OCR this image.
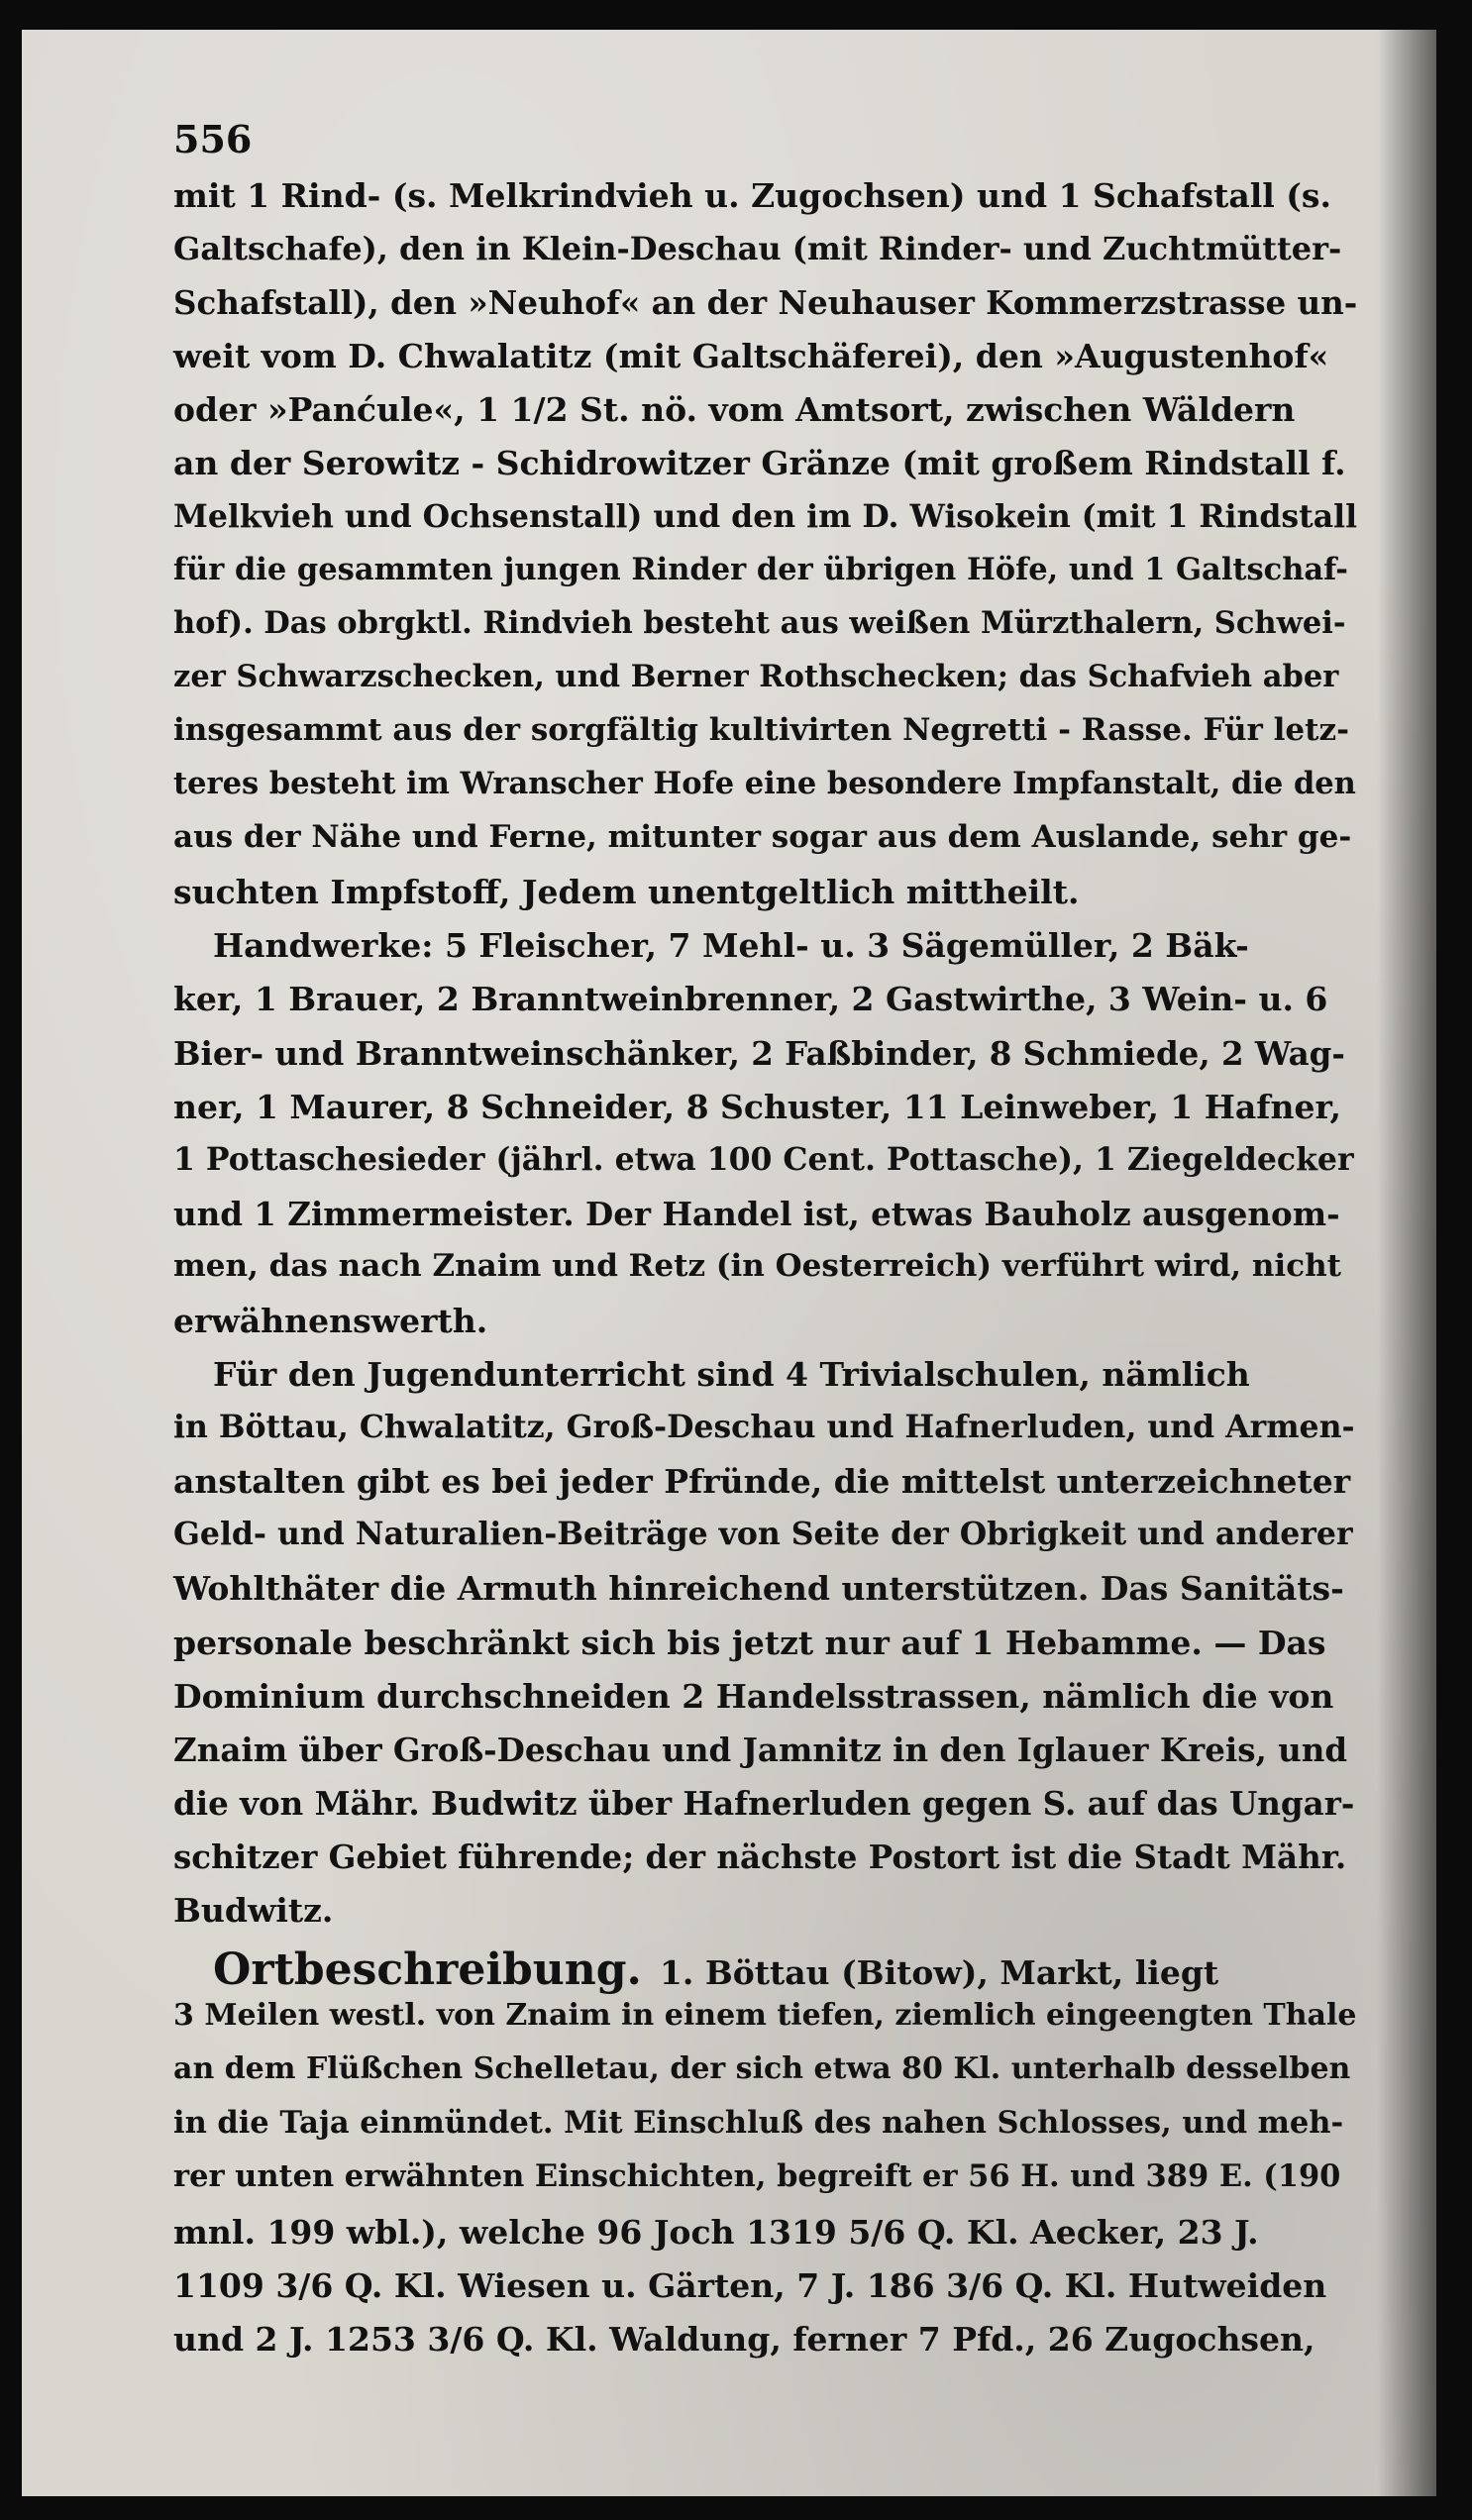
556
mit 1 Rind- (s. Melkrindvieh u. Zugochsen) und 1 Schafstall (s.
Galtschafe), den in Klein-Deschau (mit Rinder- und Zuchtmütter-
Schafstall), den »Neuhof« an der Neuhauser Kommerzstrasse un-
weit vom D. Chwalatitz (mit Galtschäferei), den »Augustenhof«
oder »Panćule«, 1 1/2 St. nö. vom Amtsort, zwischen Wäldern
an der Serowitz - Schidrowitzer Gränze (mit großem Rindstall f.
Melkvieh und Ochsenstall) und den im D. Wisokein (mit 1 Rindstall
für die gesammten jungen Rinder der übrigen Höfe, und 1 Galtschaf-
hof). Das obrgktl. Rindvieh besteht aus weißen Mürzthalern, Schwei-
zer Schwarzschecken, und Berner Rothschecken; das Schafvieh aber
insgesammt aus der sorgfältig kultivirten Negretti - Rasse. Für letz-
teres besteht im Wranscher Hofe eine besondere Impfanstalt, die den
aus der Nähe und Ferne, mitunter sogar aus dem Auslande, sehr ge-
suchten Impfstoff, Jedem unentgeltlich mittheilt.
Handwerke: 5 Fleischer, 7 Mehl- u. 3 Sägemüller, 2 Bäk-
ker, 1 Brauer, 2 Branntweinbrenner, 2 Gastwirthe, 3 Wein- u. 6
Bier- und Branntweinschänker, 2 Faßbinder, 8 Schmiede, 2 Wag-
ner, 1 Maurer, 8 Schneider, 8 Schuster, 11 Leinweber, 1 Hafner,
1 Pottaschesieder (jährl. etwa 100 Cent. Pottasche), 1 Ziegeldecker
und 1 Zimmermeister. Der Handel ist, etwas Bauholz ausgenom-
men, das nach Znaim und Retz (in Oesterreich) verführt wird, nicht
erwähnenswerth.
Für den Jugendunterricht sind 4 Trivialschulen, nämlich
in Böttau, Chwalatitz, Groß-Deschau und Hafnerluden, und Armen-
anstalten gibt es bei jeder Pfründe, die mittelst unterzeichneter
Geld- und Naturalien-Beiträge von Seite der Obrigkeit und anderer
Wohlthäter die Armuth hinreichend unterstützen. Das Sanitäts-
personale beschränkt sich bis jetzt nur auf 1 Hebamme. — Das
Dominium durchschneiden 2 Handelsstrassen, nämlich die von
Znaim über Groß-Deschau und Jamnitz in den Iglauer Kreis, und
die von Mähr. Budwitz über Hafnerluden gegen S. auf das Ungar-
schitzer Gebiet führende; der nächste Postort ist die Stadt Mähr.
Budwitz.
Ortbeschreibung. 1. Böttau (Bitow), Markt, liegt
3 Meilen westl. von Znaim in einem tiefen, ziemlich eingeengten Thale
an dem Flüßchen Schelletau, der sich etwa 80 Kl. unterhalb desselben
in die Taja einmündet. Mit Einschluß des nahen Schlosses, und meh-
rer unten erwähnten Einschichten, begreift er 56 H. und 389 E. (190
mnl. 199 wbl.), welche 96 Joch 1319 5/6 Q. Kl. Aecker, 23 J.
1109 3/6 Q. Kl. Wiesen u. Gärten, 7 J. 186 3/6 Q. Kl. Hutweiden
und 2 J. 1253 3/6 Q. Kl. Waldung, ferner 7 Pfd., 26 Zugochsen,
